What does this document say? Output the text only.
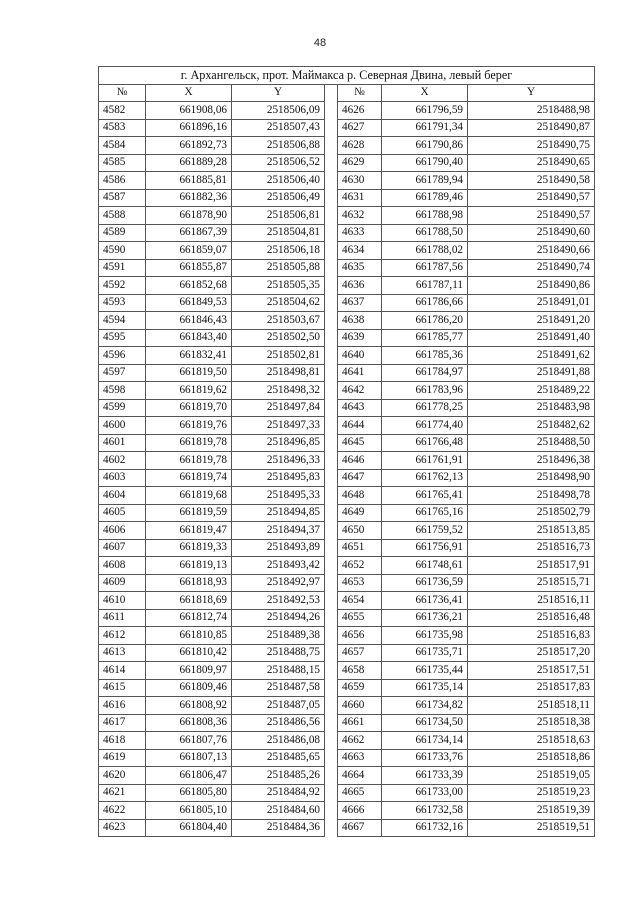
48
г. Архангельск, прот. Маймакса р. Северная Двина, левый берег						
№	X	Y		№	X	Y
4582	661908,06	2518506,09		4626	661796,59	2518488,98
4583	661896,16	2518507,43		4627	661791,34	2518490,87
4584	661892,73	2518506,88		4628	661790,86	2518490,75
4585	661889,28	2518506,52		4629	661790,40	2518490,65
4586	661885,81	2518506,40		4630	661789,94	2518490,58
4587	661882,36	2518506,49		4631	661789,46	2518490,57
4588	661878,90	2518506,81		4632	661788,98	2518490,57
4589	661867,39	2518504,81		4633	661788,50	2518490,60
4590	661859,07	2518506,18		4634	661788,02	2518490,66
4591	661855,87	2518505,88		4635	661787,56	2518490,74
4592	661852,68	2518505,35		4636	661787,11	2518490,86
4593	661849,53	2518504,62		4637	661786,66	2518491,01
4594	661846,43	2518503,67		4638	661786,20	2518491,20
4595	661843,40	2518502,50		4639	661785,77	2518491,40
4596	661832,41	2518502,81		4640	661785,36	2518491,62
4597	661819,50	2518498,81		4641	661784,97	2518491,88
4598	661819,62	2518498,32		4642	661783,96	2518489,22
4599	661819,70	2518497,84		4643	661778,25	2518483,98
4600	661819,76	2518497,33		4644	661774,40	2518482,62
4601	661819,78	2518496,85		4645	661766,48	2518488,50
4602	661819,78	2518496,33		4646	661761,91	2518496,38
4603	661819,74	2518495,83		4647	661762,13	2518498,90
4604	661819,68	2518495,33		4648	661765,41	2518498,78
4605	661819,59	2518494,85		4649	661765,16	2518502,79
4606	661819,47	2518494,37		4650	661759,52	2518513,85
4607	661819,33	2518493,89		4651	661756,91	2518516,73
4608	661819,13	2518493,42		4652	661748,61	2518517,91
4609	661818,93	2518492,97		4653	661736,59	2518515,71
4610	661818,69	2518492,53		4654	661736,41	2518516,11
4611	661812,74	2518494,26		4655	661736,21	2518516,48
4612	661810,85	2518489,38		4656	661735,98	2518516,83
4613	661810,42	2518488,75		4657	661735,71	2518517,20
4614	661809,97	2518488,15		4658	661735,44	2518517,51
4615	661809,46	2518487,58		4659	661735,14	2518517,83
4616	661808,92	2518487,05		4660	661734,82	2518518,11
4617	661808,36	2518486,56		4661	661734,50	2518518,38
4618	661807,76	2518486,08		4662	661734,14	2518518,63
4619	661807,13	2518485,65		4663	661733,76	2518518,86
4620	661806,47	2518485,26		4664	661733,39	2518519,05
4621	661805,80	2518484,92		4665	661733,00	2518519,23
4622	661805,10	2518484,60		4666	661732,58	2518519,39
4623	661804,40	2518484,36		4667	661732,16	2518519,51
